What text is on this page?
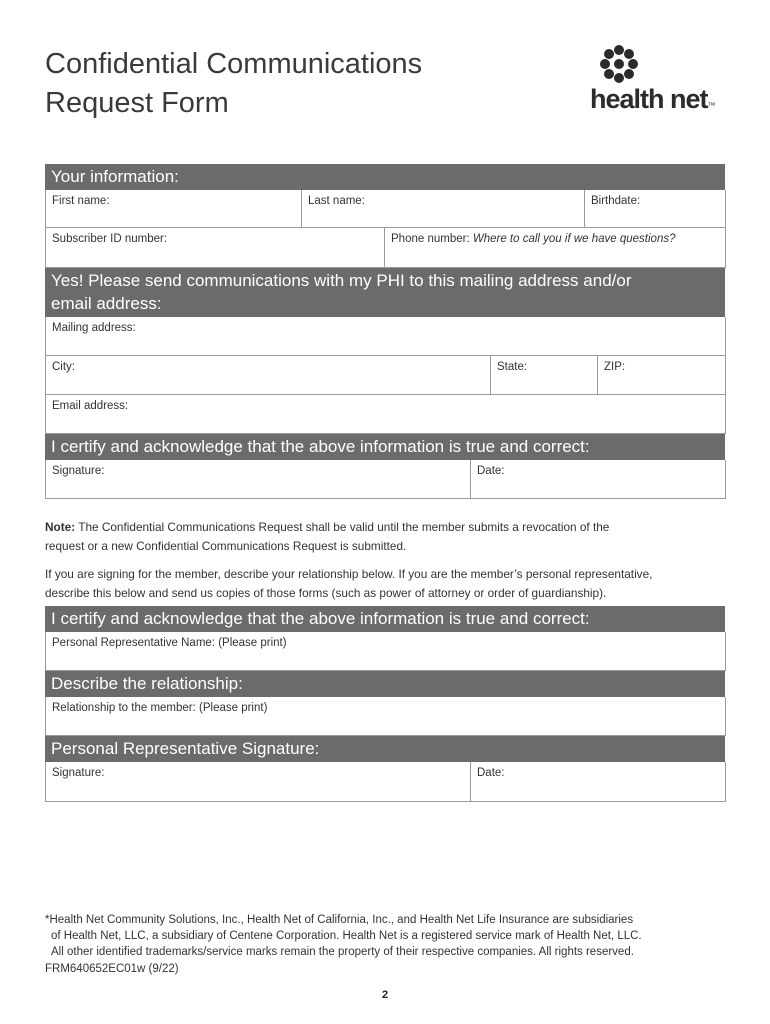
Confidential Communications
Request Form	health net™
Your information:
First name:	Last name:	Birthdate:
Subscriber ID number:	Phone number: Where to call you if we have questions?
Yes! Please send communications with my PHI to this mailing address and/or
email address:
Mailing address:
City:	State:	ZIP:
Email address:
I certify and acknowledge that the above information is true and correct:
Signature:	Date:
Note: The Confidential Communications Request shall be valid until the member submits a revocation of the
request or a new Confidential Communications Request is submitted.
If you are signing for the member, describe your relationship below. If you are the member’s personal representative,
describe this below and send us copies of those forms (such as power of attorney or order of guardianship).
I certify and acknowledge that the above information is true and correct:
Personal Representative Name: (Please print)
Describe the relationship:
Relationship to the member: (Please print)
Personal Representative Signature:
Signature:	Date:
*Health Net Community Solutions, Inc., Health Net of California, Inc., and Health Net Life Insurance are subsidiaries
of Health Net, LLC, a subsidiary of Centene Corporation. Health Net is a registered service mark of Health Net, LLC.
All other identified trademarks/service marks remain the property of their respective companies. All rights reserved.
FRM640652EC01w (9/22)
2
